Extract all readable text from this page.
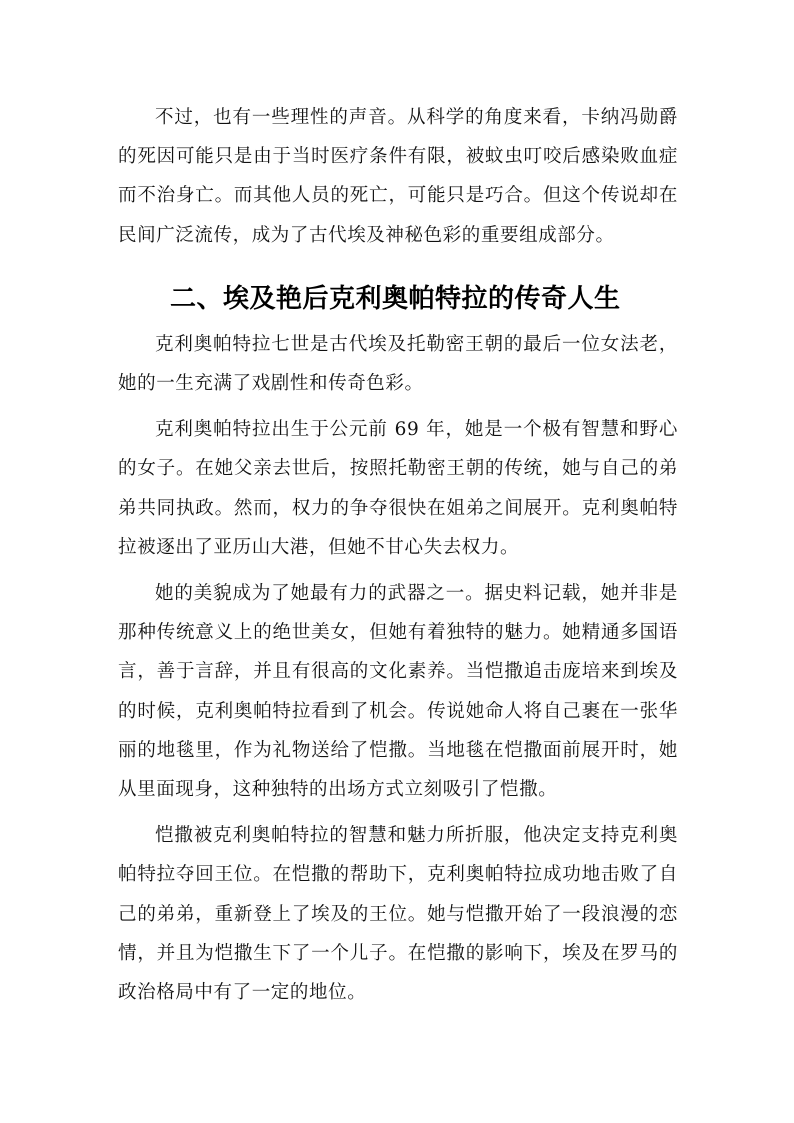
不过，也有一些理性的声音。从科学的角度来看，卡纳冯勋爵的死因可能只是由于当时医疗条件有限，被蚊虫叮咬后感染败血症而不治身亡。而其他人员的死亡，可能只是巧合。但这个传说却在民间广泛流传，成为了古代埃及神秘色彩的重要组成部分。

二、埃及艳后克利奥帕特拉的传奇人生

克利奥帕特拉七世是古代埃及托勒密王朝的最后一位女法老，她的一生充满了戏剧性和传奇色彩。

克利奥帕特拉出生于公元前 69 年，她是一个极有智慧和野心的女子。在她父亲去世后，按照托勒密王朝的传统，她与自己的弟弟共同执政。然而，权力的争夺很快在姐弟之间展开。克利奥帕特拉被逐出了亚历山大港，但她不甘心失去权力。

她的美貌成为了她最有力的武器之一。据史料记载，她并非是那种传统意义上的绝世美女，但她有着独特的魅力。她精通多国语言，善于言辞，并且有很高的文化素养。当恺撒追击庞培来到埃及的时候，克利奥帕特拉看到了机会。传说她命人将自己裹在一张华丽的地毯里，作为礼物送给了恺撒。当地毯在恺撒面前展开时，她从里面现身，这种独特的出场方式立刻吸引了恺撒。

恺撒被克利奥帕特拉的智慧和魅力所折服，他决定支持克利奥帕特拉夺回王位。在恺撒的帮助下，克利奥帕特拉成功地击败了自己的弟弟，重新登上了埃及的王位。她与恺撒开始了一段浪漫的恋情，并且为恺撒生下了一个儿子。在恺撒的影响下，埃及在罗马的政治格局中有了一定的地位。
